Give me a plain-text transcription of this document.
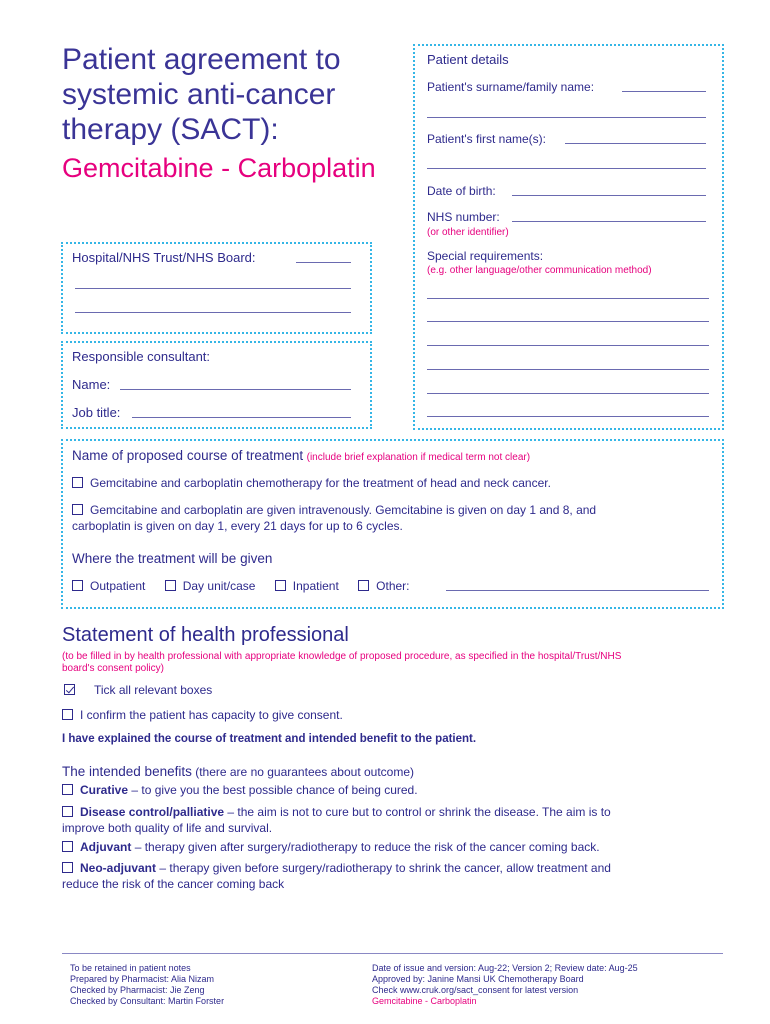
Patient agreement to systemic anti-cancer therapy (SACT):
Gemcitabine - Carboplatin
Patient details
Patient's surname/family name:
Patient's first name(s):
Date of birth:
NHS number:
(or other identifier)
Special requirements:
(e.g. other language/other communication method)
Hospital/NHS Trust/NHS Board:
Responsible consultant:
Name:
Job title:
Name of proposed course of treatment (include brief explanation if medical term not clear)
Gemcitabine and carboplatin chemotherapy for the treatment of head and neck cancer.
Gemcitabine and carboplatin are given intravenously. Gemcitabine is given on day 1 and 8, and
carboplatin is given on day 1, every 21 days for up to 6 cycles.
Where the treatment will be given
Outpatient	Day unit/case	Inpatient	Other:
Statement of health professional
(to be filled in by health professional with appropriate knowledge of proposed procedure, as specified in the hospital/Trust/NHS
board's consent policy)
Tick all relevant boxes
I confirm the patient has capacity to give consent.
I have explained the course of treatment and intended benefit to the patient.
The intended benefits (there are no guarantees about outcome)
Curative – to give you the best possible chance of being cured.
Disease control/palliative – the aim is not to cure but to control or shrink the disease. The aim is to
improve both quality of life and survival.
Adjuvant – therapy given after surgery/radiotherapy to reduce the risk of the cancer coming back.
Neo-adjuvant – therapy given before surgery/radiotherapy to shrink the cancer, allow treatment and
reduce the risk of the cancer coming back
To be retained in patient notes
Prepared by Pharmacist: Alia Nizam
Checked by Pharmacist: Jie Zeng
Checked by Consultant: Martin Forster
Date of issue and version: Aug-22; Version 2; Review date: Aug-25
Approved by: Janine Mansi UK Chemotherapy Board
Check www.cruk.org/sact_consent for latest version
Gemcitabine - Carboplatin
